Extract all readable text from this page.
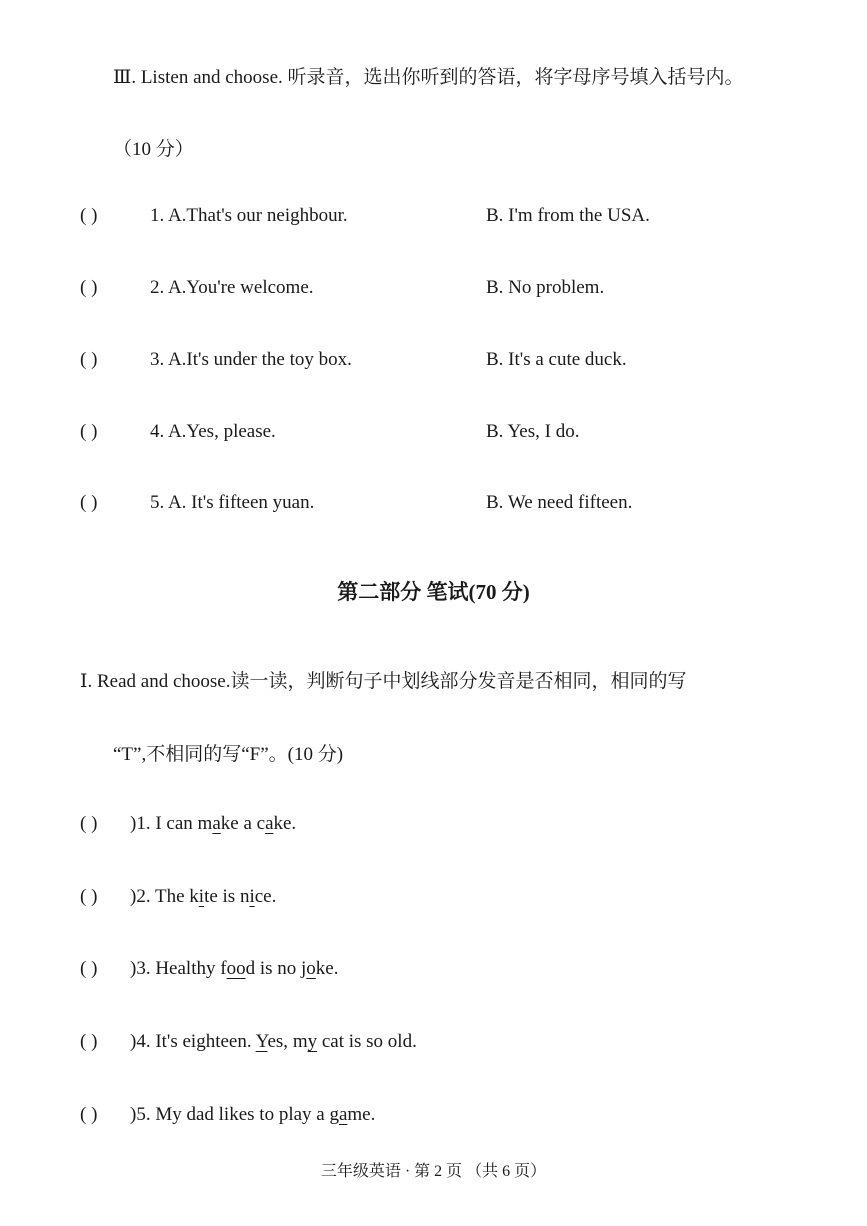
Ⅲ. Listen and choose. 听录音，选出你听到的答语，将字母序号填入括号内。
（10 分）
( )	1. A.That's our neighbour.	B. I'm from the USA.
( )	2. A.You're welcome.	B. No problem.
( )	3. A.It's under the toy box.	B. It's a cute duck.
( )	4. A.Yes, please.	B. Yes, I do.
( )	5. A. It's fifteen yuan.	B. We need fifteen.
第二部分 笔试(70 分)
Ⅰ. Read and choose.读一读，判断句子中划线部分发音是否相同，相同的写
“T”,不相同的写“F”。(10 分)
( ) )1. I can make a cake.
( ) )2. The kite is nice.
( ) )3. Healthy food is no joke.
( ) )4. It's eighteen. Yes, my cat is so old.
( ) )5. My dad likes to play a game.
三年级英语 · 第 2 页 （共 6 页）
